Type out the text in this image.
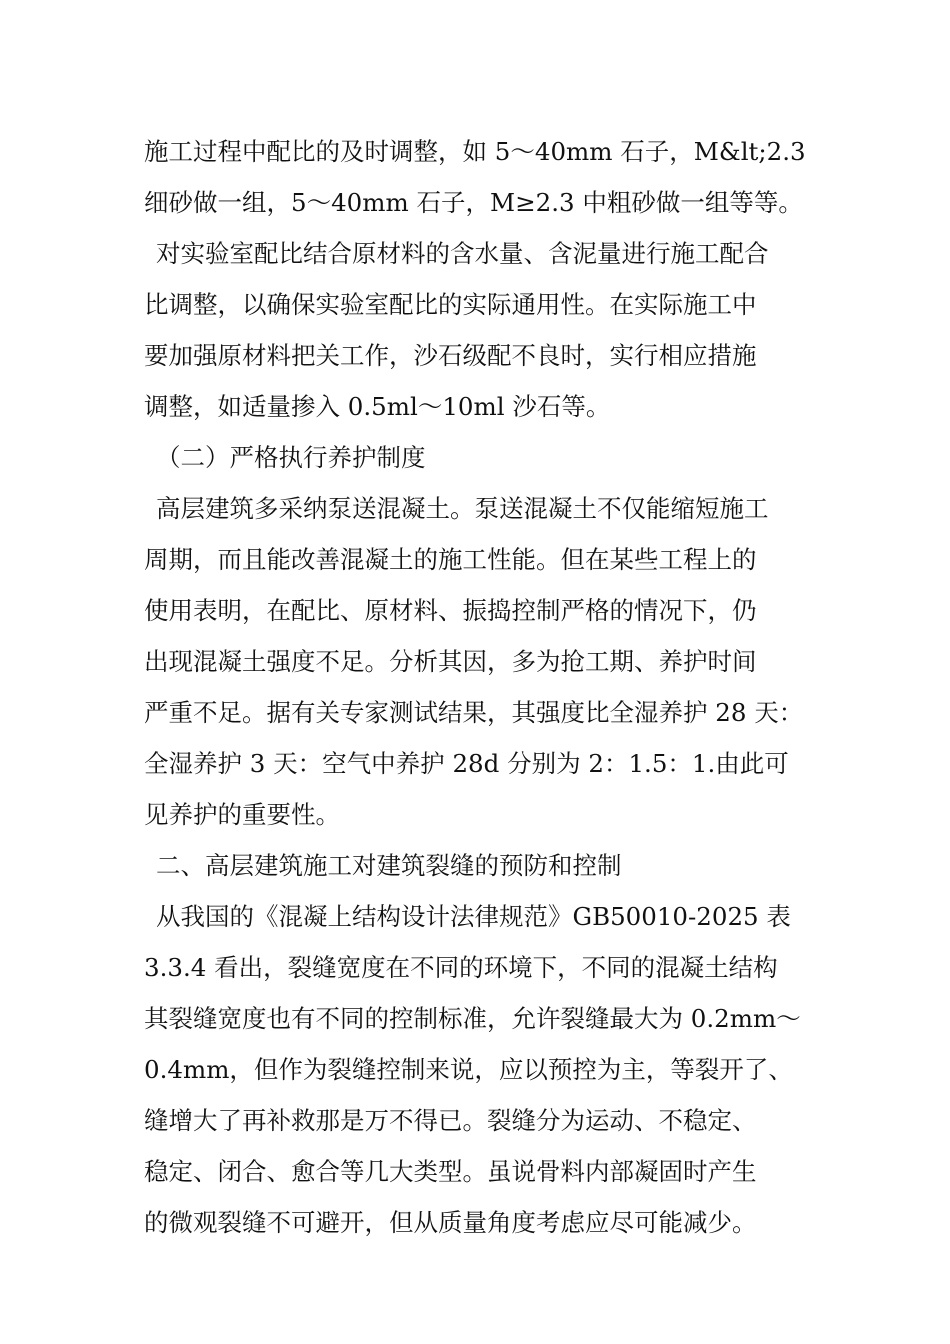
施工过程中配比的及时调整，如 5～40mm 石子，M&lt;2.3
细砂做一组，5～40mm 石子，M≥2.3 中粗砂做一组等等。
对实验室配比结合原材料的含水量、含泥量进行施工配合
比调整，以确保实验室配比的实际通用性。在实际施工中
要加强原材料把关工作，沙石级配不良时，实行相应措施
调整，如适量掺入 0.5ml～10ml 沙石等。
（二）严格执行养护制度
高层建筑多采纳泵送混凝土。泵送混凝土不仅能缩短施工
周期，而且能改善混凝土的施工性能。但在某些工程上的
使用表明，在配比、原材料、振捣控制严格的情况下，仍
出现混凝土强度不足。分析其因，多为抢工期、养护时间
严重不足。据有关专家测试结果，其强度比全湿养护 28 天：
全湿养护 3 天：空气中养护 28d 分别为 2：1.5：1.由此可
见养护的重要性。
二、高层建筑施工对建筑裂缝的预防和控制
从我国的《混凝上结构设计法律规范》GB50010-2025 表
3.3.4 看出，裂缝宽度在不同的环境下，不同的混凝土结构
其裂缝宽度也有不同的控制标准，允许裂缝最大为 0.2mm～
0.4mm，但作为裂缝控制来说，应以预控为主，等裂开了、
缝增大了再补救那是万不得已。裂缝分为运动、不稳定、
稳定、闭合、愈合等几大类型。虽说骨料内部凝固时产生
的微观裂缝不可避开，但从质量角度考虑应尽可能减少。
